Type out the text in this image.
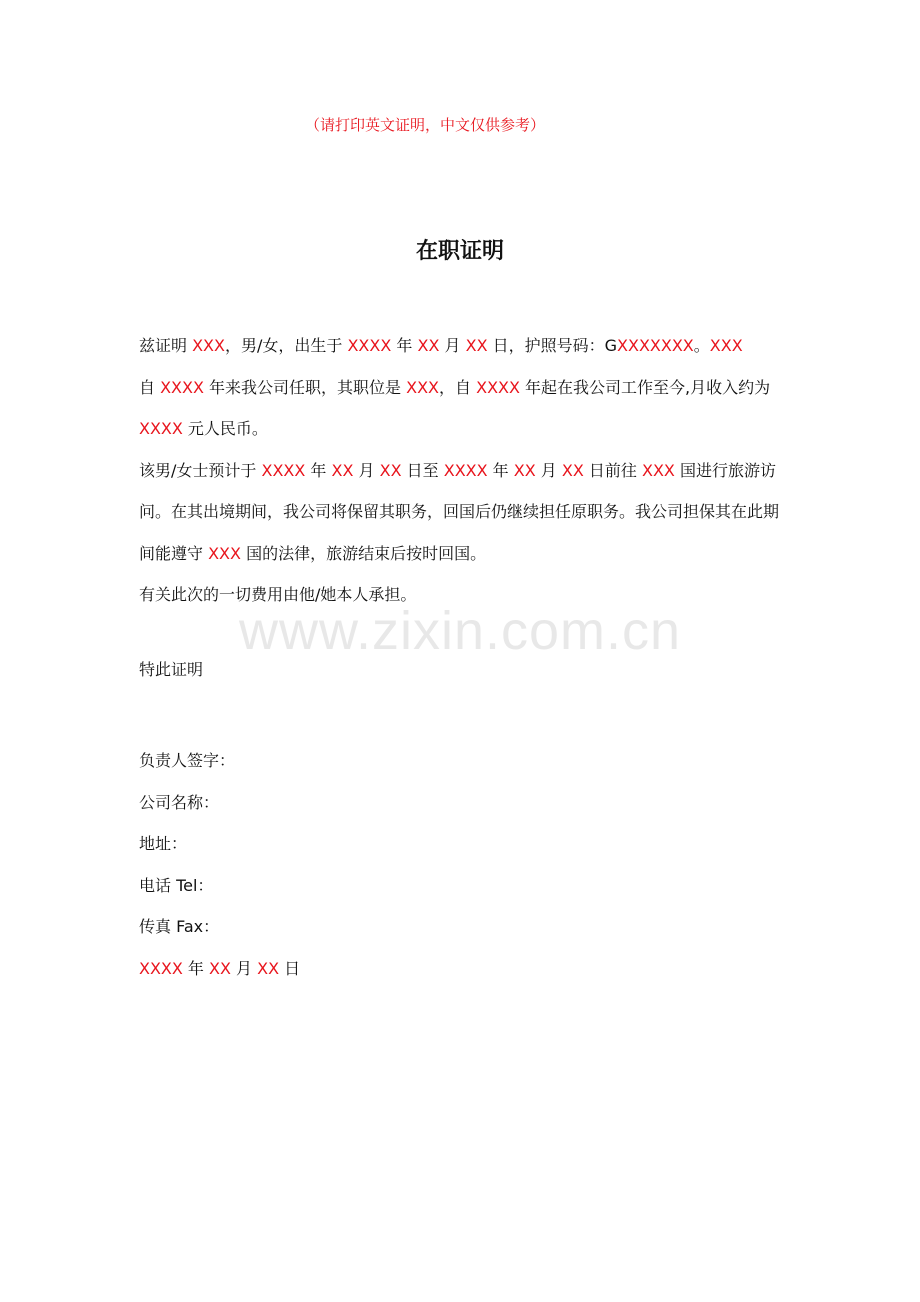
（请打印英文证明，中文仅供参考）
在职证明

兹证明 XXX，男/女，出生于 XXXX 年 XX 月 XX 日，护照号码：GXXXXXXX。XXX
自 XXXX 年来我公司任职，其职位是 XXX，自 XXXX 年起在我公司工作至今,月收入约为 XXXX 元人民币。

该男/女士预计于 XXXX 年 XX 月 XX 日至 XXXX 年 XX 月 XX 日前往 XXX 国进行旅游访问。在其出境期间，我公司将保留其职务，回国后仍继续担任原职务。我公司担保其在此期间能遵守 XXX 国的法律，旅游结束后按时回国。

有关此次的一切费用由他/她本人承担。

www.zixin.com.cn
特此证明
负责人签字：
公司名称：
地址：
电话 Tel：
传真 Fax：
XXXX 年 XX 月 XX 日
